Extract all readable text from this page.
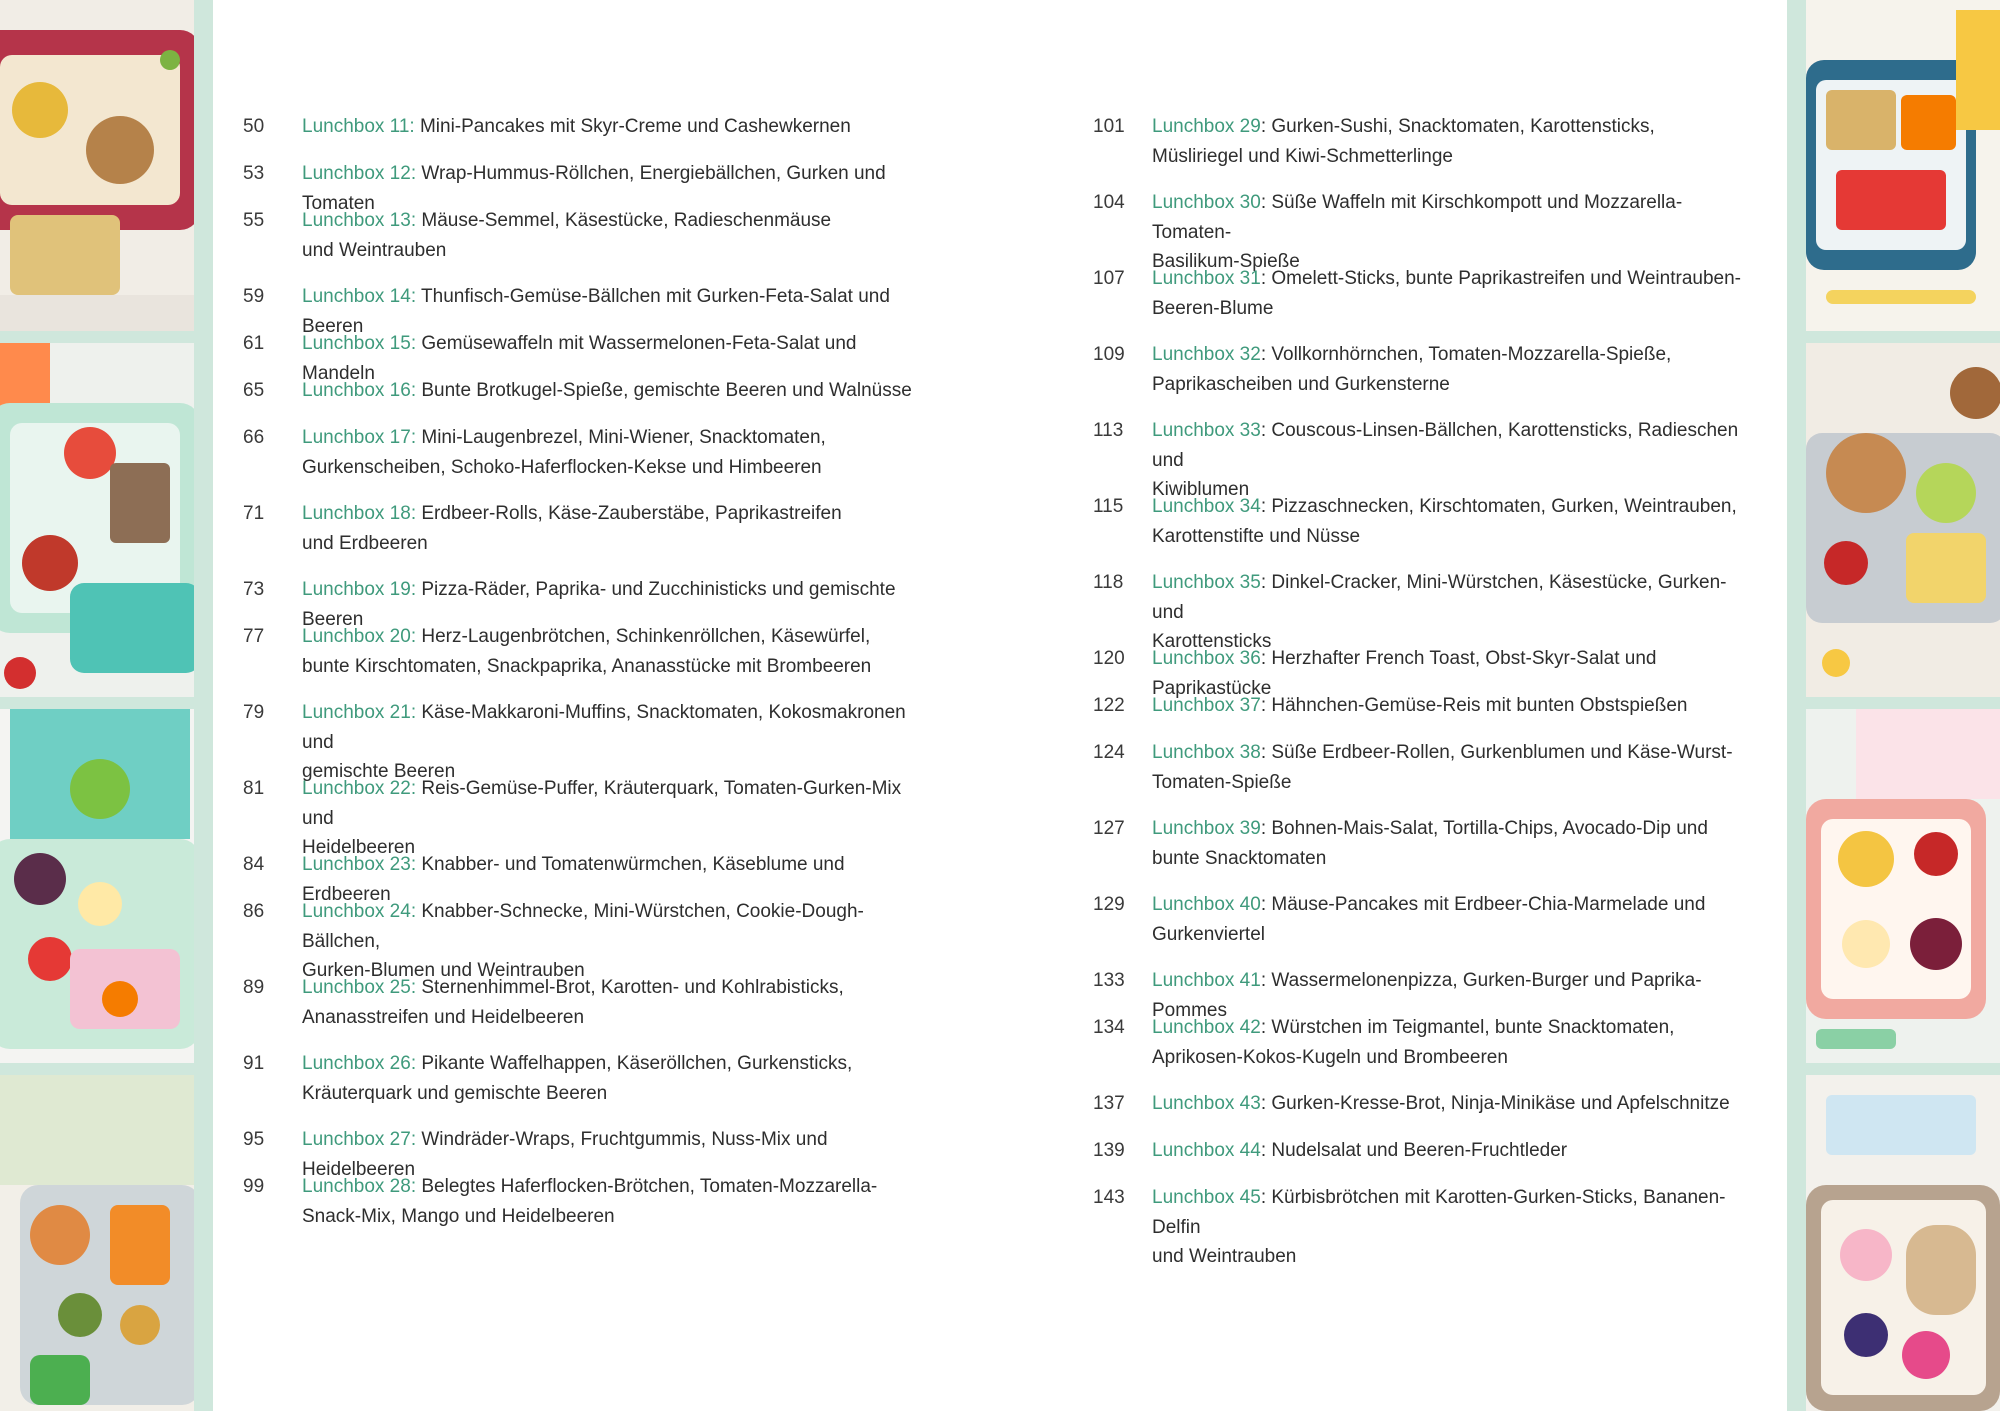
50	Lunchbox 11: Mini-Pancakes mit Skyr-Creme und Cashewkernen
53	Lunchbox 12: Wrap-Hummus-Röllchen, Energiebällchen, Gurken und Tomaten
55	Lunchbox 13: Mäuse-Semmel, Käsestücke, Radieschenmäuse
und Weintrauben
59	Lunchbox 14: Thunfisch-Gemüse-Bällchen mit Gurken-Feta-Salat und Beeren
61	Lunchbox 15: Gemüsewaffeln mit Wassermelonen-Feta-Salat und Mandeln
65	Lunchbox 16: Bunte Brotkugel-Spieße, gemischte Beeren und Walnüsse
66	Lunchbox 17: Mini-Laugenbrezel, Mini-Wiener, Snacktomaten,
Gurkenscheiben, Schoko-Haferflocken-Kekse und Himbeeren
71	Lunchbox 18: Erdbeer-Rolls, Käse-Zauberstäbe, Paprikastreifen
und Erdbeeren
73	Lunchbox 19: Pizza-Räder, Paprika- und Zucchinisticks und gemischte Beeren
77	Lunchbox 20: Herz-Laugenbrötchen, Schinkenröllchen, Käsewürfel,
bunte Kirschtomaten, Snackpaprika, Ananasstücke mit Brombeeren
79	Lunchbox 21: Käse-Makkaroni-Muffins, Snacktomaten, Kokosmakronen und
gemischte Beeren
81	Lunchbox 22: Reis-Gemüse-Puffer, Kräuterquark, Tomaten-Gurken-Mix und
Heidelbeeren
84	Lunchbox 23: Knabber- und Tomatenwürmchen, Käseblume und Erdbeeren
86	Lunchbox 24: Knabber-Schnecke, Mini-Würstchen, Cookie-Dough-Bällchen,
Gurken-Blumen und Weintrauben
89	Lunchbox 25: Sternenhimmel-Brot, Karotten- und Kohlrabisticks,
Ananasstreifen und Heidelbeeren
91	Lunchbox 26: Pikante Waffelhappen, Käseröllchen, Gurkensticks,
Kräuterquark und gemischte Beeren
95	Lunchbox 27: Windräder-Wraps, Fruchtgummis, Nuss-Mix und Heidelbeeren
99	Lunchbox 28: Belegtes Haferflocken-Brötchen, Tomaten-Mozzarella-
Snack-Mix, Mango und Heidelbeeren
101	Lunchbox 29: Gurken-Sushi, Snacktomaten, Karottensticks,
Müsliriegel und Kiwi-Schmetterlinge
104	Lunchbox 30: Süße Waffeln mit Kirschkompott und Mozzarella-Tomaten-
Basilikum-Spieße
107	Lunchbox 31: Omelett-Sticks, bunte Paprikastreifen und Weintrauben-
Beeren-Blume
109	Lunchbox 32: Vollkornhörnchen, Tomaten-Mozzarella-Spieße,
Paprikascheiben und Gurkensterne
113	Lunchbox 33: Couscous-Linsen-Bällchen, Karottensticks, Radieschen und
Kiwiblumen
115	Lunchbox 34: Pizzaschnecken, Kirschtomaten, Gurken, Weintrauben,
Karottenstifte und Nüsse
118	Lunchbox 35: Dinkel-Cracker, Mini-Würstchen, Käsestücke, Gurken- und
Karottensticks
120	Lunchbox 36: Herzhafter French Toast, Obst-Skyr-Salat und Paprikastücke
122	Lunchbox 37: Hähnchen-Gemüse-Reis mit bunten Obstspießen
124	Lunchbox 38: Süße Erdbeer-Rollen, Gurkenblumen und Käse-Wurst-
Tomaten-Spieße
127	Lunchbox 39: Bohnen-Mais-Salat, Tortilla-Chips, Avocado-Dip und
bunte Snacktomaten
129	Lunchbox 40: Mäuse-Pancakes mit Erdbeer-Chia-Marmelade und
Gurkenviertel
133	Lunchbox 41: Wassermelonenpizza, Gurken-Burger und Paprika-Pommes
134	Lunchbox 42: Würstchen im Teigmantel, bunte Snacktomaten,
Aprikosen-Kokos-Kugeln und Brombeeren
137	Lunchbox 43: Gurken-Kresse-Brot, Ninja-Minikäse und Apfelschnitze
139	Lunchbox 44: Nudelsalat und Beeren-Fruchtleder
143	Lunchbox 45: Kürbisbrötchen mit Karotten-Gurken-Sticks, Bananen-Delfin
und Weintrauben
